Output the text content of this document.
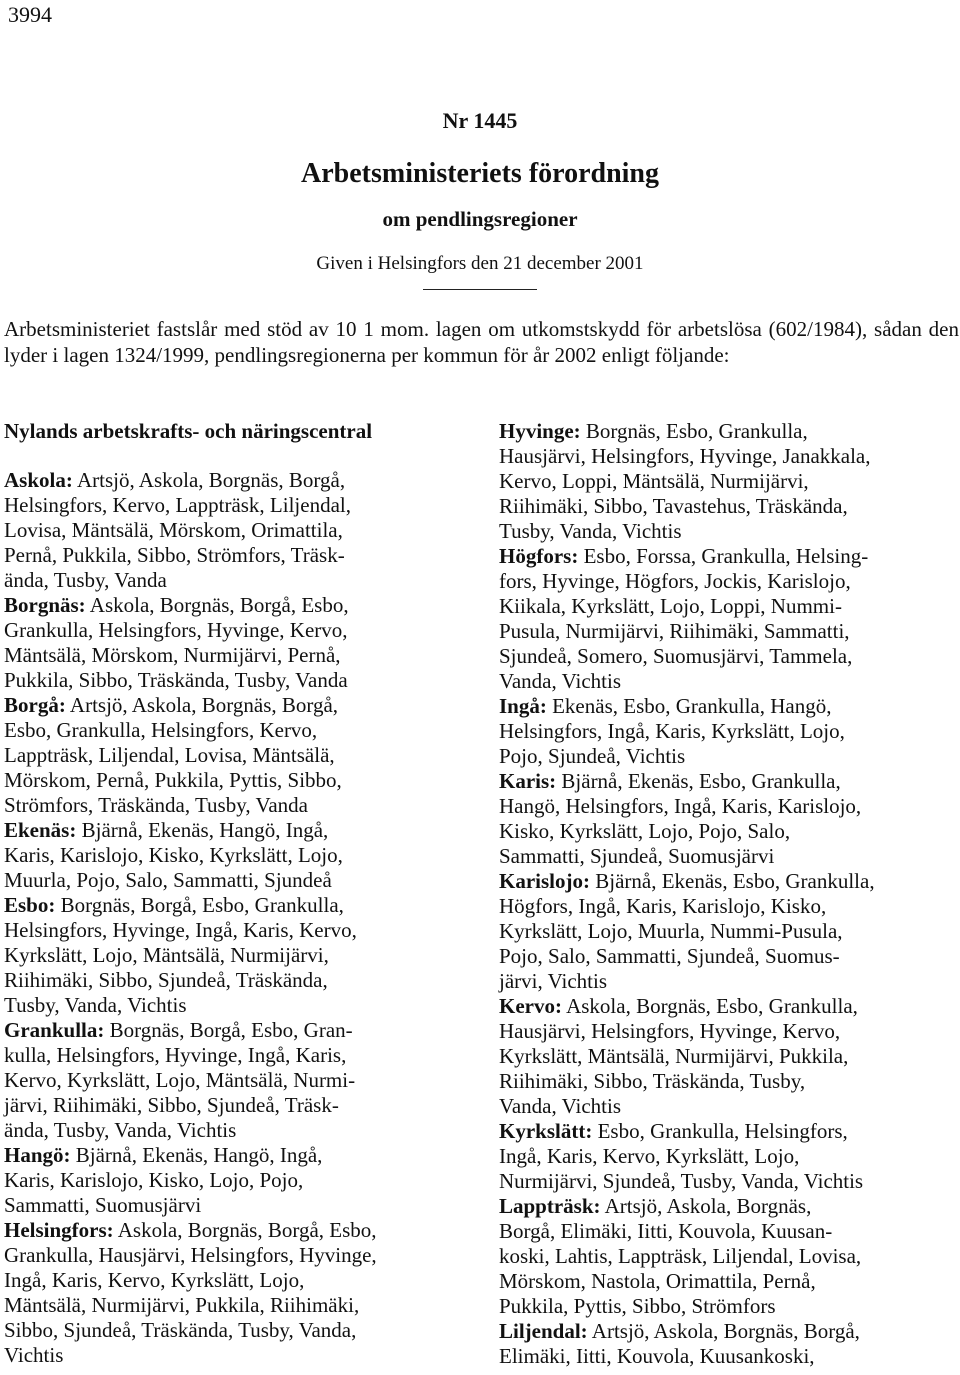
3994
Nr 1445
Arbetsministeriets förordning
om pendlingsregioner
Given i Helsingfors den 21 december 2001
Arbetsministeriet fastslår med stöd av 10 1 mom. lagen om utkomstskydd för arbetslösa (602/1984), sådan den lyder i lagen 1324/1999, pendlingsregionerna per kommun för år 2002 enligt följande:
Nylands arbetskrafts- och näringscentral
Askola: Artsjö, Askola, Borgnäs, Borgå,
Helsingfors, Kervo, Lappträsk, Liljendal,
Lovisa, Mäntsälä, Mörskom, Orimattila,
Pernå, Pukkila, Sibbo, Strömfors, Träsk-
ända, Tusby, Vanda
Borgnäs: Askola, Borgnäs, Borgå, Esbo,
Grankulla, Helsingfors, Hyvinge, Kervo,
Mäntsälä, Mörskom, Nurmijärvi, Pernå,
Pukkila, Sibbo, Träskända, Tusby, Vanda
Borgå: Artsjö, Askola, Borgnäs, Borgå,
Esbo, Grankulla, Helsingfors, Kervo,
Lappträsk, Liljendal, Lovisa, Mäntsälä,
Mörskom, Pernå, Pukkila, Pyttis, Sibbo,
Strömfors, Träskända, Tusby, Vanda
Ekenäs: Bjärnå, Ekenäs, Hangö, Ingå,
Karis, Karislojo, Kisko, Kyrkslätt, Lojo,
Muurla, Pojo, Salo, Sammatti, Sjundeå
Esbo: Borgnäs, Borgå, Esbo, Grankulla,
Helsingfors, Hyvinge, Ingå, Karis, Kervo,
Kyrkslätt, Lojo, Mäntsälä, Nurmijärvi,
Riihimäki, Sibbo, Sjundeå, Träskända,
Tusby, Vanda, Vichtis
Grankulla: Borgnäs, Borgå, Esbo, Gran-
kulla, Helsingfors, Hyvinge, Ingå, Karis,
Kervo, Kyrkslätt, Lojo, Mäntsälä, Nurmi-
järvi, Riihimäki, Sibbo, Sjundeå, Träsk-
ända, Tusby, Vanda, Vichtis
Hangö: Bjärnå, Ekenäs, Hangö, Ingå,
Karis, Karislojo, Kisko, Lojo, Pojo,
Sammatti, Suomusjärvi
Helsingfors: Askola, Borgnäs, Borgå, Esbo,
Grankulla, Hausjärvi, Helsingfors, Hyvinge,
Ingå, Karis, Kervo, Kyrkslätt, Lojo,
Mäntsälä, Nurmijärvi, Pukkila, Riihimäki,
Sibbo, Sjundeå, Träskända, Tusby, Vanda,
Vichtis
Hyvinge: Borgnäs, Esbo, Grankulla,
Hausjärvi, Helsingfors, Hyvinge, Janakkala,
Kervo, Loppi, Mäntsälä, Nurmijärvi,
Riihimäki, Sibbo, Tavastehus, Träskända,
Tusby, Vanda, Vichtis
Högfors: Esbo, Forssa, Grankulla, Helsing-
fors, Hyvinge, Högfors, Jockis, Karislojo,
Kiikala, Kyrkslätt, Lojo, Loppi, Nummi-
Pusula, Nurmijärvi, Riihimäki, Sammatti,
Sjundeå, Somero, Suomusjärvi, Tammela,
Vanda, Vichtis
Ingå: Ekenäs, Esbo, Grankulla, Hangö,
Helsingfors, Ingå, Karis, Kyrkslätt, Lojo,
Pojo, Sjundeå, Vichtis
Karis: Bjärnå, Ekenäs, Esbo, Grankulla,
Hangö, Helsingfors, Ingå, Karis, Karislojo,
Kisko, Kyrkslätt, Lojo, Pojo, Salo,
Sammatti, Sjundeå, Suomusjärvi
Karislojo: Bjärnå, Ekenäs, Esbo, Grankulla,
Högfors, Ingå, Karis, Karislojo, Kisko,
Kyrkslätt, Lojo, Muurla, Nummi-Pusula,
Pojo, Salo, Sammatti, Sjundeå, Suomus-
järvi, Vichtis
Kervo: Askola, Borgnäs, Esbo, Grankulla,
Hausjärvi, Helsingfors, Hyvinge, Kervo,
Kyrkslätt, Mäntsälä, Nurmijärvi, Pukkila,
Riihimäki, Sibbo, Träskända, Tusby,
Vanda, Vichtis
Kyrkslätt: Esbo, Grankulla, Helsingfors,
Ingå, Karis, Kervo, Kyrkslätt, Lojo,
Nurmijärvi, Sjundeå, Tusby, Vanda, Vichtis
Lappträsk: Artsjö, Askola, Borgnäs,
Borgå, Elimäki, Iitti, Kouvola, Kuusan-
koski, Lahtis, Lappträsk, Liljendal, Lovisa,
Mörskom, Nastola, Orimattila, Pernå,
Pukkila, Pyttis, Sibbo, Strömfors
Liljendal: Artsjö, Askola, Borgnäs, Borgå,
Elimäki, Iitti, Kouvola, Kuusankoski,
